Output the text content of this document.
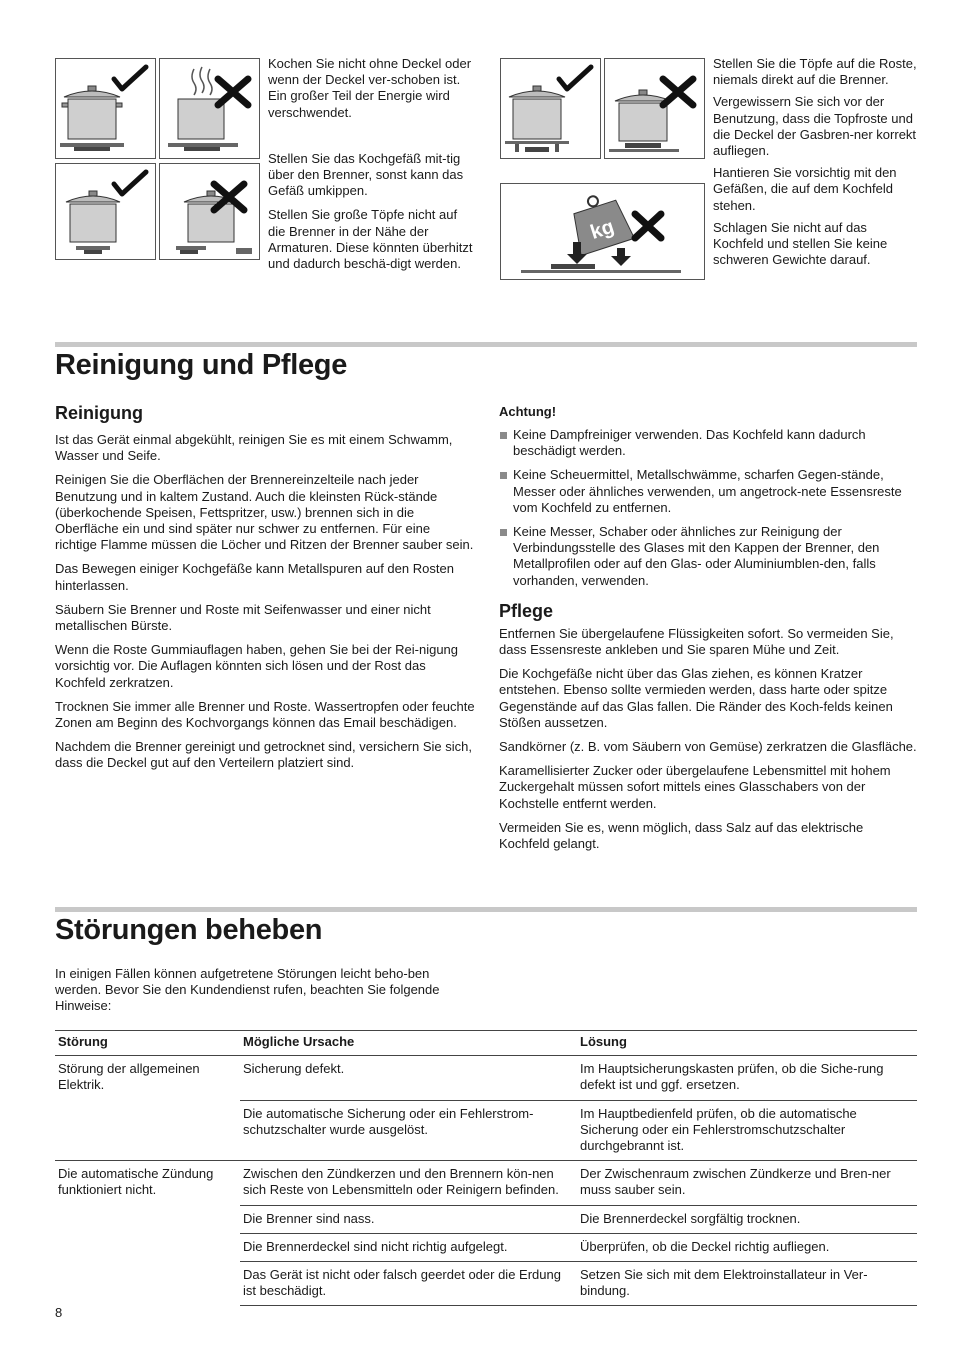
Kochen Sie nicht ohne Deckel oder wenn der Deckel ver-schoben ist. Ein großer Teil der Energie wird verschwendet.

Stellen Sie das Kochgefäß mit-tig über den Brenner, sonst kann das Gefäß umkippen.

Stellen Sie große Töpfe nicht auf die Brenner in der Nähe der Armaturen. Diese könnten überhitzt und dadurch beschä-digt werden.

kg

Stellen Sie die Töpfe auf die Roste, niemals direkt auf die Brenner.

Vergewissern Sie sich vor der Benutzung, dass die Topfroste und die Deckel der Gasbren-ner korrekt aufliegen.

Hantieren Sie vorsichtig mit den Gefäßen, die auf dem Kochfeld stehen.

Schlagen Sie nicht auf das Kochfeld und stellen Sie keine schweren Gewichte darauf.

Reinigung und Pflege
Reinigung

Ist das Gerät einmal abgekühlt, reinigen Sie es mit einem Schwamm, Wasser und Seife.

Reinigen Sie die Oberflächen der Brennereinzelteile nach jeder Benutzung und in kaltem Zustand. Auch die kleinsten Rück-stände (überkochende Speisen, Fettspritzer, usw.) brennen sich in die Oberfläche ein und sind später nur schwer zu entfernen. Für eine richtige Flamme müssen die Löcher und Ritzen der Brenner sauber sein.

Das Bewegen einiger Kochgefäße kann Metallspuren auf den Rosten hinterlassen.

Säubern Sie Brenner und Roste mit Seifenwasser und einer nicht metallischen Bürste.

Wenn die Roste Gummiauflagen haben, gehen Sie bei der Rei-nigung vorsichtig vor. Die Auflagen könnten sich lösen und der Rost das Kochfeld zerkratzen.

Trocknen Sie immer alle Brenner und Roste. Wassertropfen oder feuchte Zonen am Beginn des Kochvorgangs können das Email beschädigen.

Nachdem die Brenner gereinigt und getrocknet sind, versichern Sie sich, dass die Deckel gut auf den Verteilern platziert sind.

Achtung!
Keine Dampfreiniger verwenden. Das Kochfeld kann dadurch beschädigt werden.
Keine Scheuermittel, Metallschwämme, scharfen Gegen-stände, Messer oder ähnliches verwenden, um angetrock-nete Essensreste vom Kochfeld zu entfernen.
Keine Messer, Schaber oder ähnliches zur Reinigung der Verbindungsstelle des Glases mit den Kappen der Brenner, den Metallprofilen oder auf den Glas- oder Aluminiumblen-den, falls vorhanden, verwenden.
Pflege

Entfernen Sie übergelaufene Flüssigkeiten sofort. So vermeiden Sie, dass Essensreste ankleben und Sie sparen Mühe und Zeit.

Die Kochgefäße nicht über das Glas ziehen, es können Kratzer entstehen. Ebenso sollte vermieden werden, dass harte oder spitze Gegenstände auf das Glas fallen. Die Ränder des Koch-felds keinen Stößen aussetzen.

Sandkörner (z. B. vom Säubern von Gemüse) zerkratzen die Glasfläche.

Karamellisierter Zucker oder übergelaufene Lebensmittel mit hohem Zuckergehalt müssen sofort mittels eines Glasschabers von der Kochstelle entfernt werden.

Vermeiden Sie es, wenn möglich, dass Salz auf das elektrische Kochfeld gelangt.

Störungen beheben

In einigen Fällen können aufgetretene Störungen leicht beho-ben werden. Bevor Sie den Kundendienst rufen, beachten Sie folgende Hinweise:

Störung	Mögliche Ursache	Lösung
Störung der allgemeinen Elektrik.	Sicherung defekt.	Im Hauptsicherungskasten prüfen, ob die Siche-rung defekt ist und ggf. ersetzen.
	Die automatische Sicherung oder ein Fehlerstrom-schutzschalter wurde ausgelöst.	Im Hauptbedienfeld prüfen, ob die automatische Sicherung oder ein Fehlerstromschutzschalter durchgebrannt ist.
Die automatische Zündung funktioniert nicht.	Zwischen den Zündkerzen und den Brennern kön-nen sich Reste von Lebensmitteln oder Reinigern befinden.	Der Zwischenraum zwischen Zündkerze und Bren-ner muss sauber sein.
	Die Brenner sind nass.	Die Brennerdeckel sorgfältig trocknen.
	Die Brennerdeckel sind nicht richtig aufgelegt.	Überprüfen, ob die Deckel richtig aufliegen.
	Das Gerät ist nicht oder falsch geerdet oder die Erdung ist beschädigt.	Setzen Sie sich mit dem Elektroinstallateur in Ver-bindung.
8
